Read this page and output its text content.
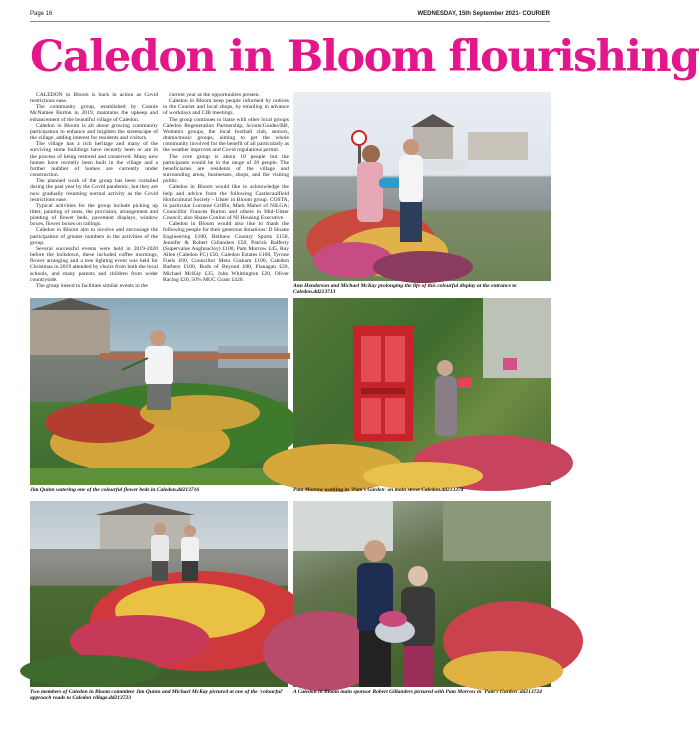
Page 16	WEDNESDAY, 15th September 2021- COURIER
Caledon in Bloom flourishing

CALEDON in Bloom is back in action as Covid restrictions ease.

The community group, established by Connie McNamee Burton in 2019, maintains the upkeep and enhancement of the beautiful village of Caledon.

Caledon in Bloom is all about growing community participation to enhance and brighten the streetscape of the village, adding interest for residents and visitors.

The village has a rich heritage and many of the surviving stone buildings have recently been or are in the process of being restored and conserved. Many new homes have recently been built in the village and a further number of homes are currently under construction.

The planned work of the group has been curtailed during the past year by the Covid pandemic, but they are now gradually resuming normal activity as the Covid restrictions ease.

Typical activities for the group include picking up litter, painting of seats, the provision, arrangement and planting of flower beds, pavement displays, window boxes, flower boxes on railings.

Caledon in Bloom aim to involve and encourage the participation of greater numbers in the activities of the group.

Several successful events were held in 2019-2020 before the lockdown, these included coffee mornings, flower arranging and a tree lighting event was held for Christmas in 2019 attended by choirs from both the local schools, and many parents and children from wider countryside.

The group intend to facilitate similar events in the

current year as the opportunities present.

Caledon in Bloom keep people informed by notices in the Courier and local shops, by emailing in advance of workdays and CIB meetings.

The group continues to liaise with other local groups Caledon Regeneration Partnership, Scouts/Guides/BB, Women's groups, the local football club, seniors, drama/music groups, aiming to get the whole community involved for the benefit of all particularly as the weather improves and Covid regulations permit.

The core group is about 10 people but the participants would be in the range of 20 people. The beneficiaries are residents of the village and surrounding areas, businesses, shops, and the visiting public.

Caledon in Bloom would like to acknowledge the help and advice from the following Castlecaulfield Horticultural Society - Ulster in Bloom group. COSTA, in particular Lorraine Griffin, Mark Maher of NILGA; Councillor Frances Burton and others in Mid-Ulster Council; also Shane Conlon of NI Housing Executive.

Caledon in Bloom would also like to thank the following people for their generous donations: D Sloane Engineering £100, Bellnew Country Sports £150, Jennifer & Robert Gillanders £50, Patrick Rafferty (Supervalue Aughnacloy) £100, Pam Morrow £45, Ray Allen (Caledon FC) £50, Caledon Estates £100, Tyrone Fuels £60, Councillor Meta Graham £100, Caledon Barbers £100, Buds of Beyond £80, Flanagan £20, Michael McKay £35, John Whittington £20, Oliver Racing £20, 50% MUC Grant £420.

Ann Henderson and Michael McKay prolonging the life of this colourful display at the entrance to Caledon.dd213713
Jim Quinn watering one of the colourful flower beds in Caledon.dd213716	Pam Morrow working in 'Pam's Garden' on main street Caledon.dd213374
Two members of Caledon in Bloom committee Jim Quinn and Michael McKay pictured at one of the 'colourful' approach roads to Caledon village.dd213723
A Caledon in Bloom main sponsor Robert Gillanders pictured with Pam Morrow in 'Pam's Garden'.dd213724
